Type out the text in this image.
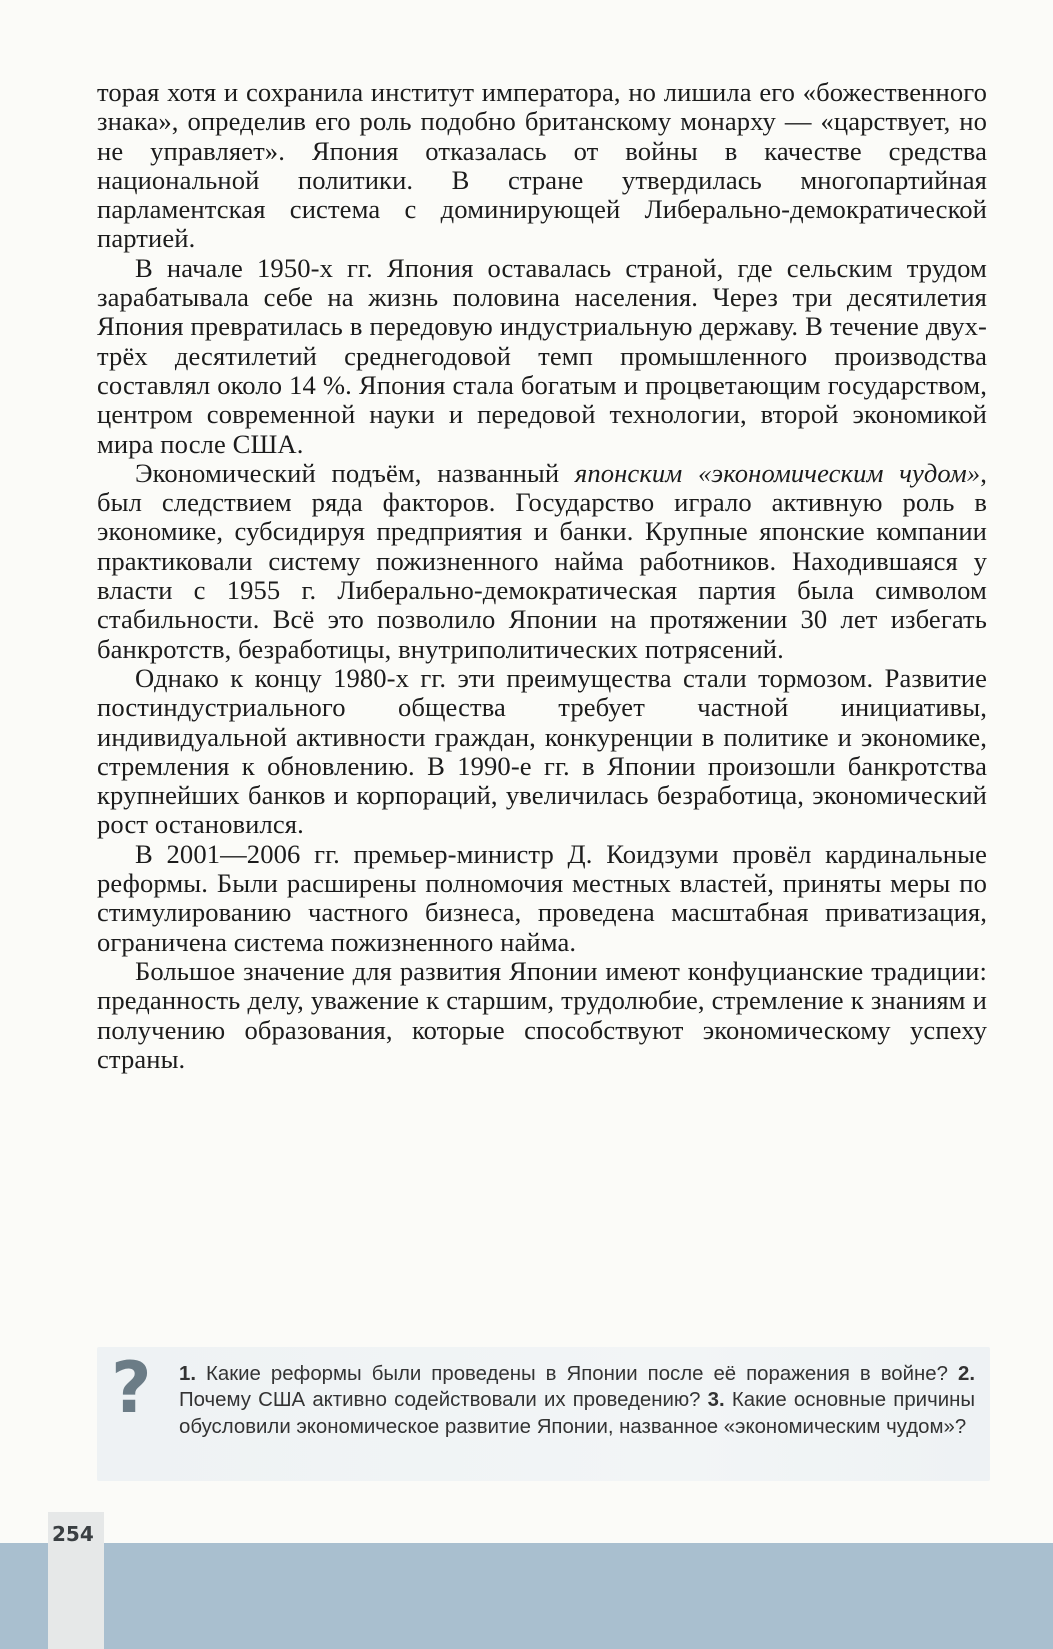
торая хотя и сохранила институт императора, но лишила его «божественного знака», определив его роль подобно британскому монарху — «царствует, но не управляет». Япония отказалась от войны в качестве средства национальной политики. В стране утвердилась многопартийная парламентская система с доминирующей Либерально-демократической партией.

В начале 1950-х гг. Япония оставалась страной, где сельским трудом зарабатывала себе на жизнь половина населения. Через три десятилетия Япония превратилась в передовую индустриальную державу. В течение двух-трёх десятилетий среднегодовой темп промышленного производства составлял около 14 %. Япония стала богатым и процветающим государством, центром современной науки и передовой технологии, второй экономикой мира после США.

Экономический подъём, названный японским «экономическим чудом», был следствием ряда факторов. Государство играло активную роль в экономике, субсидируя предприятия и банки. Крупные японские компании практиковали систему пожизненного найма работников. Находившаяся у власти с 1955 г. Либерально-демократическая партия была символом стабильности. Всё это позволило Японии на протяжении 30 лет избегать банкротств, безработицы, внутриполитических потрясений.

Однако к концу 1980-х гг. эти преимущества стали тормозом. Развитие постиндустриального общества требует частной инициативы, индивидуальной активности граждан, конкуренции в политике и экономике, стремления к обновлению. В 1990-е гг. в Японии произошли банкротства крупнейших банков и корпораций, увеличилась безработица, экономический рост остановился.

В 2001—2006 гг. премьер-министр Д. Коидзуми провёл кардинальные реформы. Были расширены полномочия местных властей, приняты меры по стимулированию частного бизнеса, проведена масштабная приватизация, ограничена система пожизненного найма.

Большое значение для развития Японии имеют конфуцианские традиции: преданность делу, уважение к старшим, трудолюбие, стремление к знаниям и получению образования, которые способствуют экономическому успеху страны.

? 1. Какие реформы были проведены в Японии после её поражения в войне? 2. Почему США активно содействовали их проведению? 3. Какие основные причины обусловили экономическое развитие Японии, названное «экономическим чудом»?
254
